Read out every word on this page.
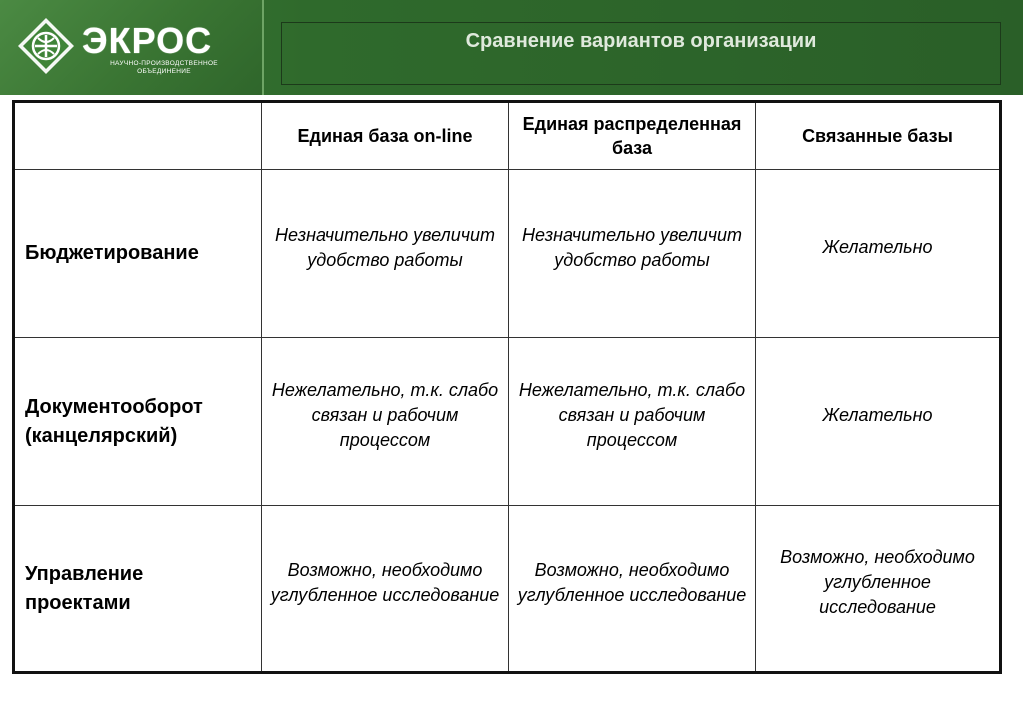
ЭКРОС
НАУЧНО-ПРОИЗВОДСТВЕННОЕ
ОБЪЕДИНЕНИЕ
Сравнение вариантов организации
Единая база on-line
Единая распределенная база
Связанные базы
Бюджетирование
Незначительно увеличит удобство работы
Незначительно увеличит удобство работы
Желательно
Документооборот (канцелярский)
Нежелательно, т.к. слабо связан и рабочим процессом
Нежелательно, т.к. слабо связан и рабочим процессом
Желательно
Управление проектами
Возможно, необходимо углубленное исследование
Возможно, необходимо углубленное исследование
Возможно, необходимо углубленное исследование
